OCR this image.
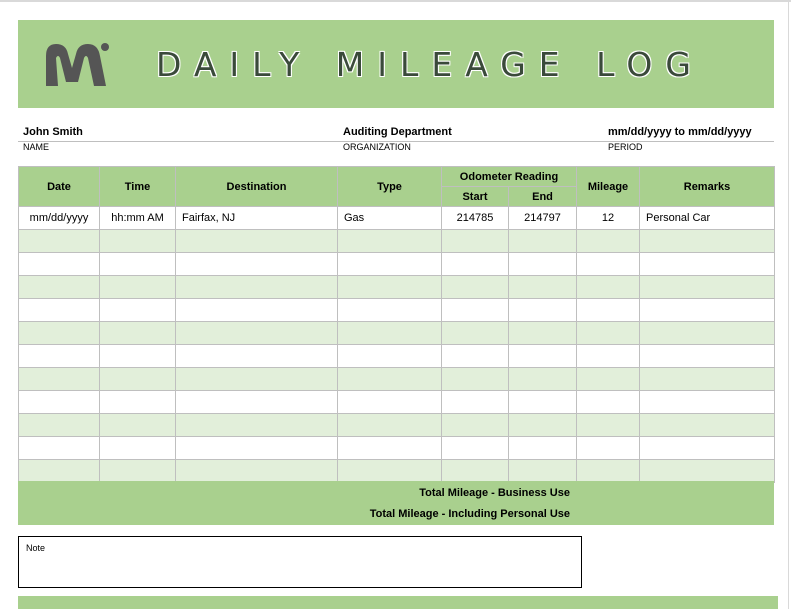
DAILY MILEAGE LOG
John Smith
NAME
Auditing Department
ORGANIZATION
mm/dd/yyyy to mm/dd/yyyy
PERIOD
Date	Time	Destination	Type	Odometer Reading		Mileage	Remarks
				Start	End		
mm/dd/yyyy	hh:mm AM	Fairfax, NJ	Gas	214785	214797	12	Personal Car

Total Mileage - Business Use
Total Mileage - Including Personal Use
Note
